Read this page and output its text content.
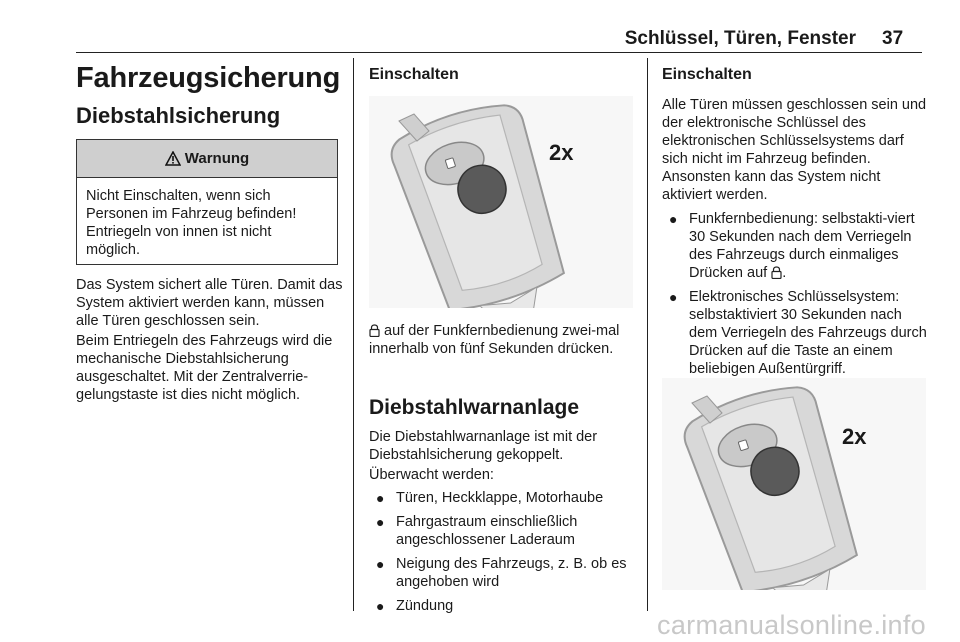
Schlüssel, Türen, Fenster 37
Fahrzeugsicherung
Diebstahlsicherung
Warnung
Nicht Einschalten, wenn sich Personen im Fahrzeug befinden! Entriegeln von innen ist nicht möglich.
Das System sichert alle Türen. Damit das System aktiviert werden kann, müssen alle Türen geschlossen sein.
Beim Entriegeln des Fahrzeugs wird die mechanische Diebstahlsicherung ausgeschaltet. Mit der Zentralverrie-gelungstaste ist dies nicht möglich.
Einschalten
2x
auf der Funkfernbedienung zwei-mal innerhalb von fünf Sekunden drücken.
Diebstahlwarnanlage
Die Diebstahlwarnanlage ist mit der Diebstahlsicherung gekoppelt.
Überwacht werden:
● Türen, Heckklappe, Motorhaube
● Fahrgastraum einschließlich angeschlossener Laderaum
● Neigung des Fahrzeugs, z. B. ob es angehoben wird
● Zündung
Einschalten
Alle Türen müssen geschlossen sein und der elektronische Schlüssel des elektronischen Schlüsselsystems darf sich nicht im Fahrzeug befinden. Ansonsten kann das System nicht aktiviert werden.
● Funkfernbedienung: selbstakti-viert 30 Sekunden nach dem Verriegeln des Fahrzeugs durch einmaliges Drücken auf .
● Elektronisches Schlüsselsystem: selbstaktiviert 30 Sekunden nach dem Verriegeln des Fahrzeugs durch Drücken auf die Taste an einem beliebigen Außentürgriff.
2x
carmanualsonline.info
